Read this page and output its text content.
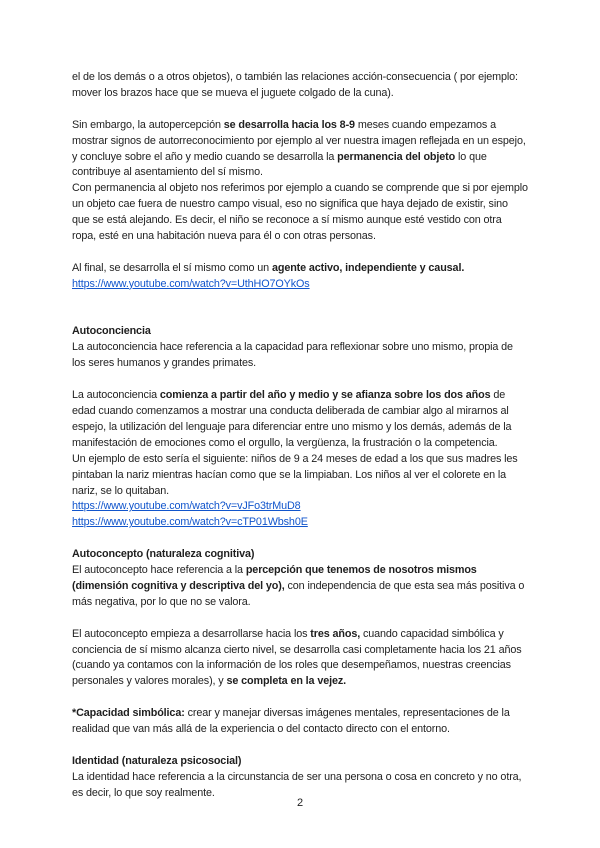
el de los demás o a otros objetos), o también las relaciones acción-consecuencia ( por ejemplo: mover los brazos hace que se mueva el juguete colgado de la cuna).

Sin embargo, la autopercepción se desarrolla hacia los 8-9 meses cuando empezamos a mostrar signos de autorreconocimiento por ejemplo al ver nuestra imagen reflejada en un espejo, y concluye sobre el año y medio cuando se desarrolla la permanencia del objeto lo que contribuye al asentamiento del sí mismo.

Con permanencia al objeto nos referimos por ejemplo a cuando se comprende que si por ejemplo un objeto cae fuera de nuestro campo visual, eso no significa que haya dejado de existir, sino que se está alejando. Es decir, el niño se reconoce a sí mismo aunque esté vestido con otra ropa, esté en una habitación nueva para él o con otras personas.

Al final, se desarrolla el sí mismo como un agente activo, independiente y causal.

https://www.youtube.com/watch?v=UthHO7OYkOs

Autoconciencia

La autoconciencia hace referencia a la capacidad para reflexionar sobre uno mismo, propia de los seres humanos y grandes primates.

La autoconciencia comienza a partir del año y medio y se afianza sobre los dos años de edad cuando comenzamos a mostrar una conducta deliberada de cambiar algo al mirarnos al espejo, la utilización del lenguaje para diferenciar entre uno mismo y los demás, además de la manifestación de emociones como el orgullo, la vergüenza, la frustración o la competencia.

Un ejemplo de esto sería el siguiente: niños de 9 a 24 meses de edad a los que sus madres les pintaban la nariz mientras hacían como que se la limpiaban. Los niños al ver el colorete en la nariz, se lo quitaban.

https://www.youtube.com/watch?v=vJFo3trMuD8

https://www.youtube.com/watch?v=cTP01Wbsh0E

Autoconcepto (naturaleza cognitiva)

El autoconcepto hace referencia a la percepción que tenemos de nosotros mismos (dimensión cognitiva y descriptiva del yo), con independencia de que esta sea más positiva o más negativa, por lo que no se valora.

El autoconcepto empieza a desarrollarse hacia los tres años, cuando capacidad simbólica y conciencia de sí mismo alcanza cierto nivel, se desarrolla casi completamente hacia los 21 años (cuando ya contamos con la información de los roles que desempeñamos, nuestras creencias personales y valores morales), y se completa en la vejez.

*Capacidad simbólica: crear y manejar diversas imágenes mentales, representaciones de la realidad que van más allá de la experiencia o del contacto directo con el entorno.

Identidad (naturaleza psicosocial)

La identidad hace referencia a la circunstancia de ser una persona o cosa en concreto y no otra, es decir, lo que soy realmente.

2
